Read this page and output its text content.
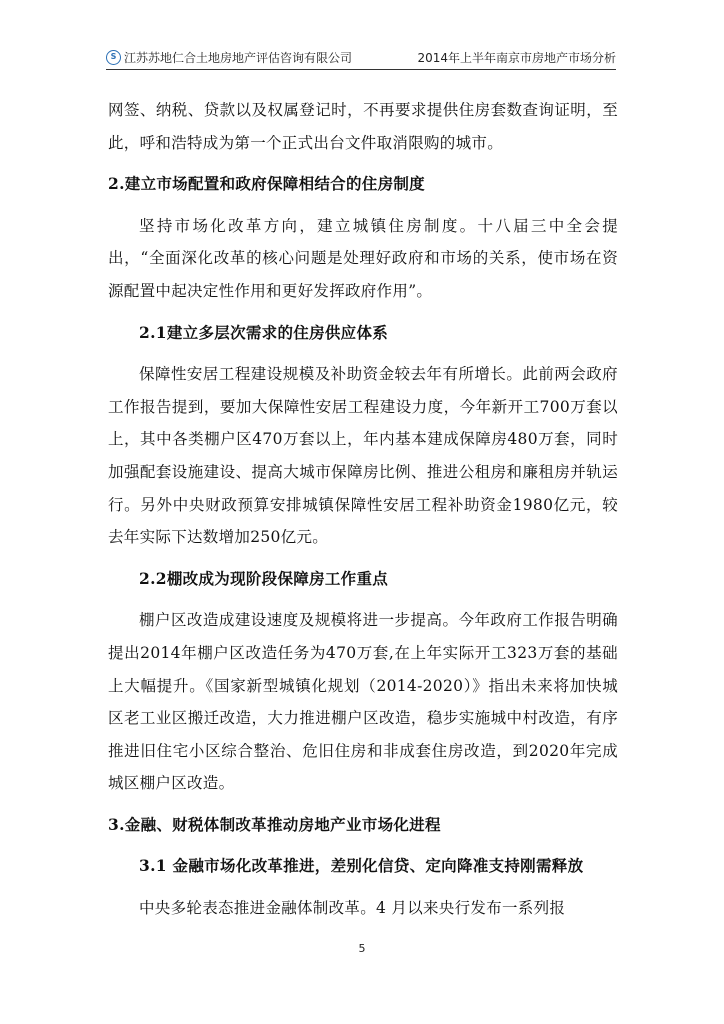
S 江苏苏地仁合土地房地产评估咨询有限公司	2014年上半年南京市房地产市场分析

网签、纳税、贷款以及权属登记时，不再要求提供住房套数查询证明，至此，呼和浩特成为第一个正式出台文件取消限购的城市。

2.建立市场配置和政府保障相结合的住房制度

坚持市场化改革方向，建立城镇住房制度。十八届三中全会提出，“全面深化改革的核心问题是处理好政府和市场的关系，使市场在资源配置中起决定性作用和更好发挥政府作用”。

2.1建立多层次需求的住房供应体系

保障性安居工程建设规模及补助资金较去年有所增长。此前两会政府工作报告提到，要加大保障性安居工程建设力度，今年新开工700万套以上，其中各类棚户区470万套以上，年内基本建成保障房480万套，同时加强配套设施建设、提高大城市保障房比例、推进公租房和廉租房并轨运行。另外中央财政预算安排城镇保障性安居工程补助资金1980亿元，较去年实际下达数增加250亿元。

2.2棚改成为现阶段保障房工作重点

棚户区改造成建设速度及规模将进一步提高。今年政府工作报告明确提出2014年棚户区改造任务为470万套,在上年实际开工323万套的基础上大幅提升。《国家新型城镇化规划（2014-2020）》指出未来将加快城区老工业区搬迁改造，大力推进棚户区改造，稳步实施城中村改造，有序推进旧住宅小区综合整治、危旧住房和非成套住房改造，到2020年完成城区棚户区改造。

3.金融、财税体制改革推动房地产业市场化进程

3.1 金融市场化改革推进，差别化信贷、定向降准支持刚需释放

中央多轮表态推进金融体制改革。4 月以来央行发布一系列报

5
